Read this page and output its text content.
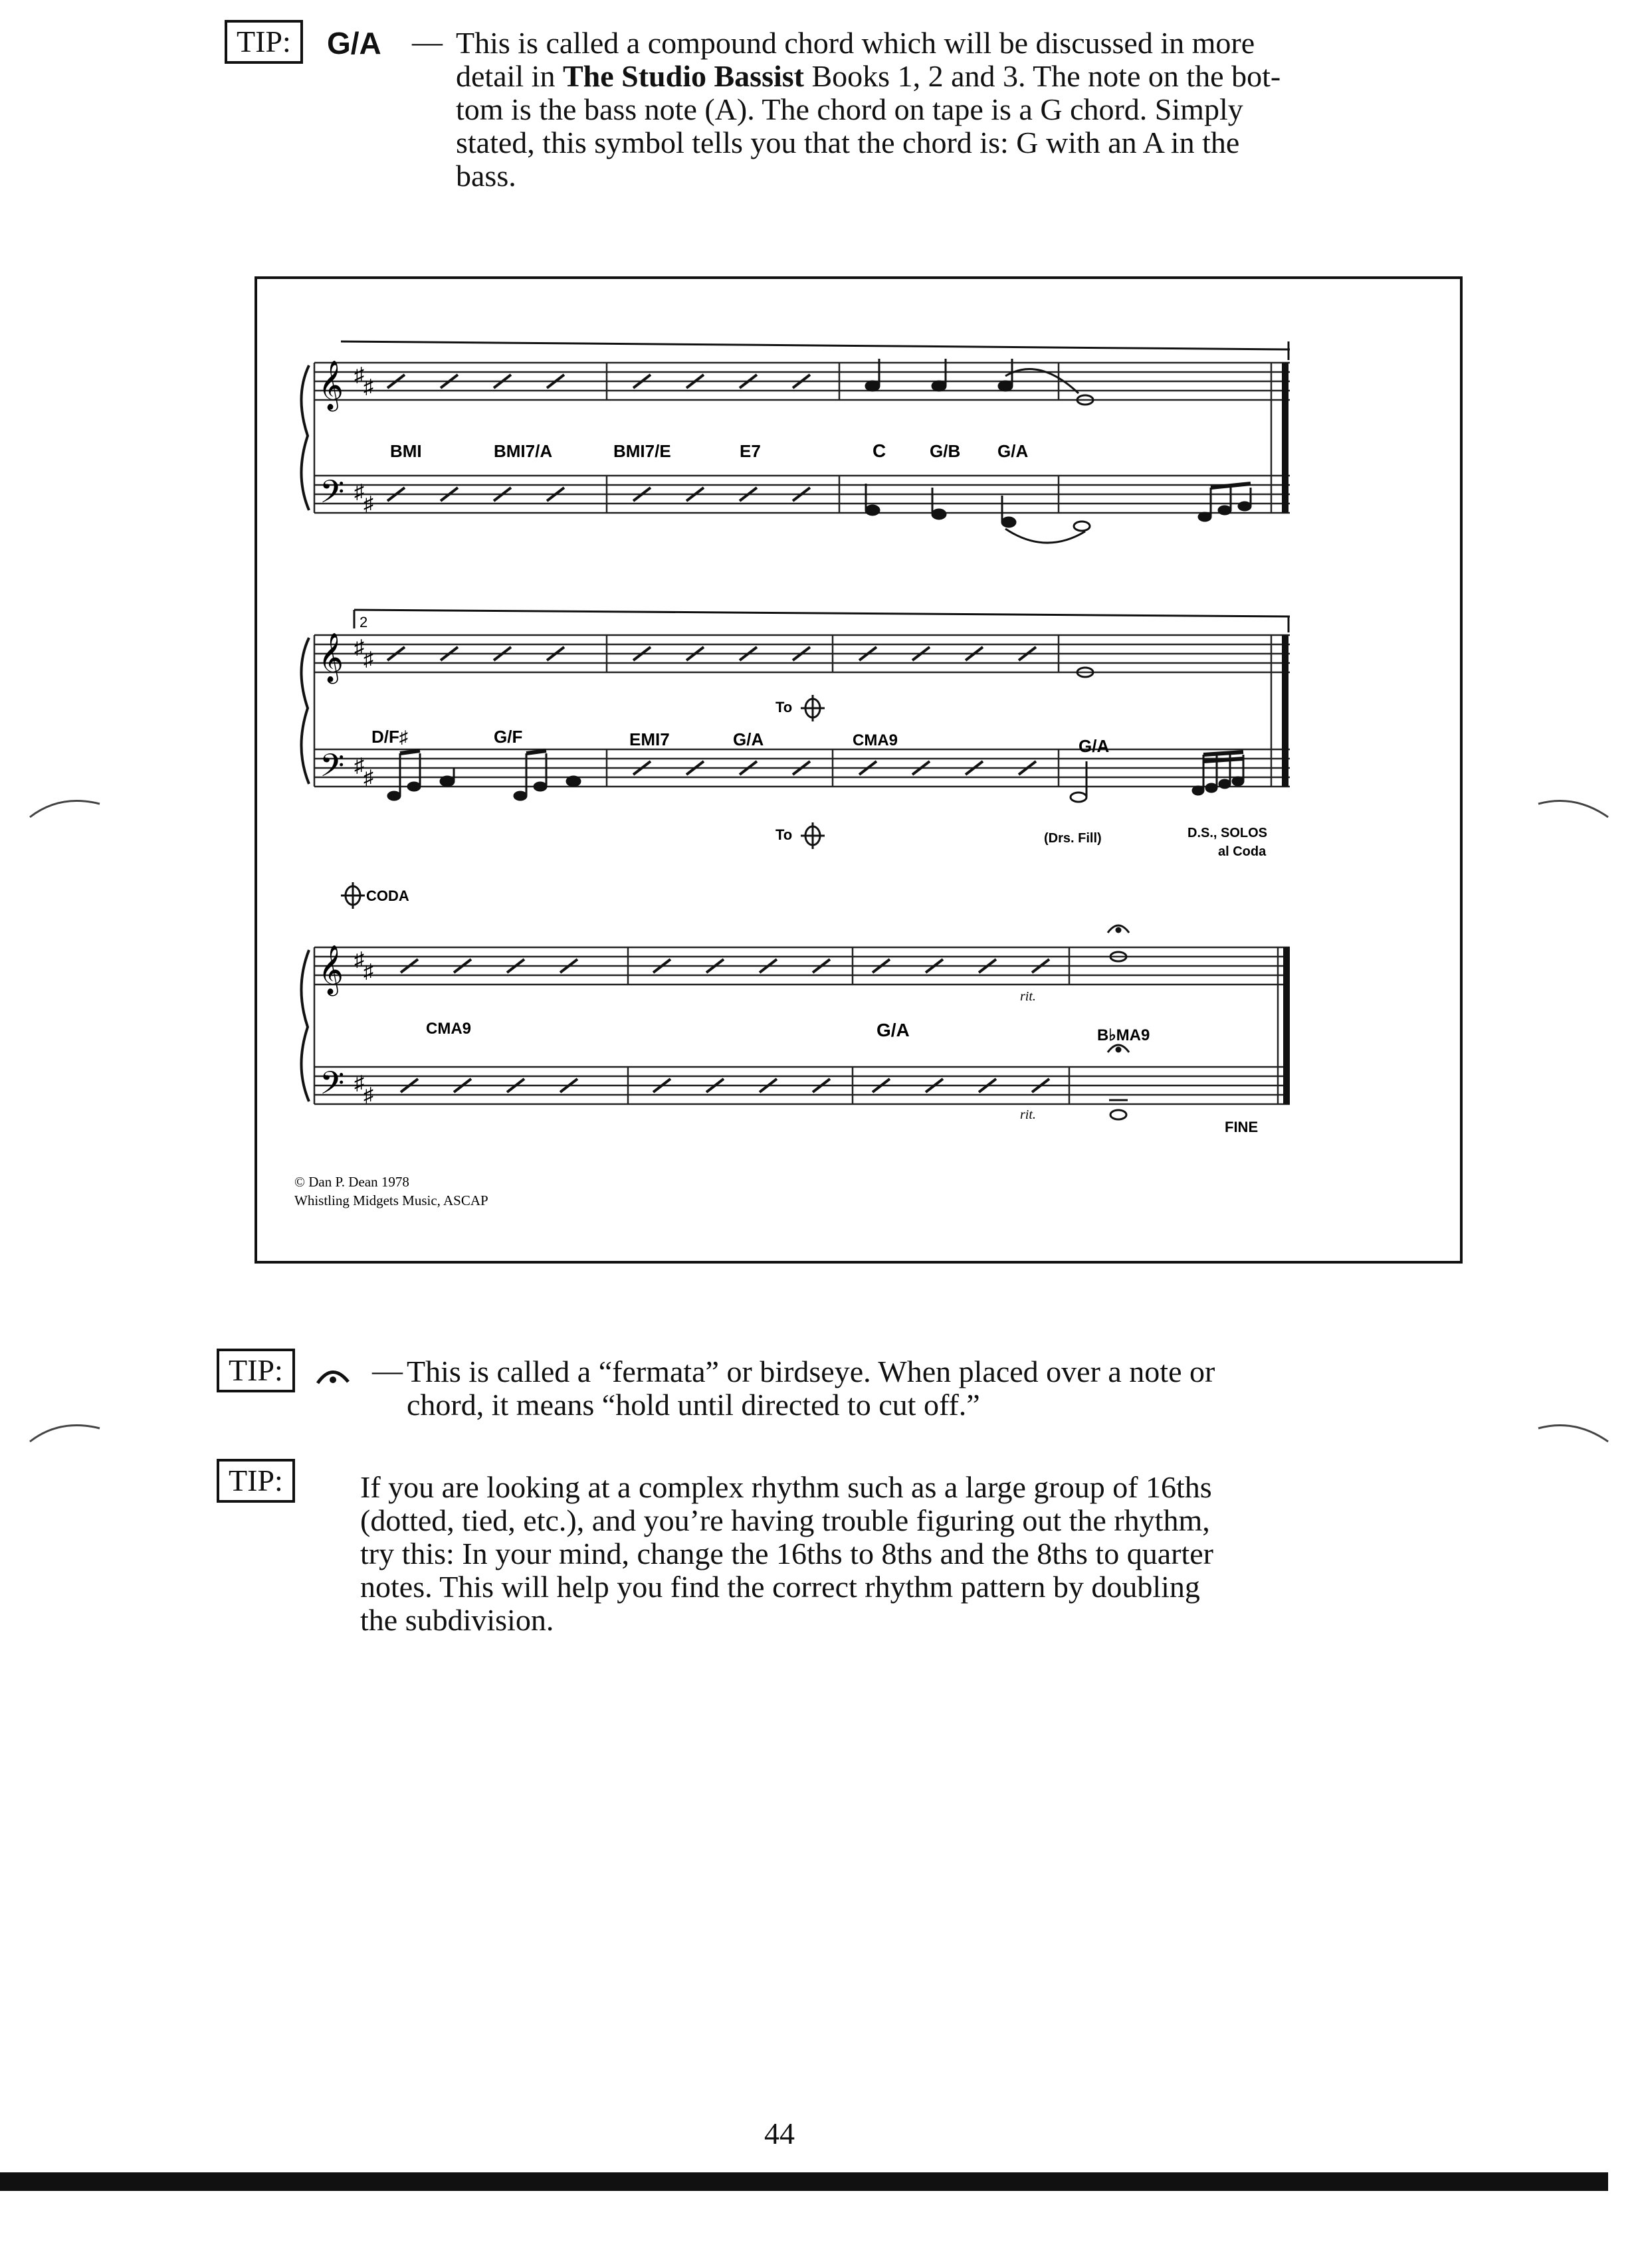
TIP:	G/A — This is called a compound chord which will be discussed in more
detail in The Studio Bassist Books 1, 2 and 3. The note on the bot-
tom is the bass note (A). The chord on tape is a G chord. Simply
stated, this symbol tells you that the chord is: G with an A in the
bass.
𝄞
𝄢
♯
♯
♯
♯
BMI	BMI7/A	BMI7/E	E7	C	G/B G/A
2
𝄞
𝄢
♯
♯
♯
♯
D/F♯	G/F	EMI7	G/A	CMA9	G/A
To
To	(Drs. Fill)	D.S., SOLOS
al Coda
CODA
𝄞
𝄢
♯
♯
♯
♯
CMA9	G/A	B♭MA9
rit.
rit.
FINE
© Dan P. Dean 1978
Whistling Midgets Music, ASCAP
TIP:	— This is called a “fermata” or birdseye. When placed over a note or
chord, it means “hold until directed to cut off.”
TIP:	If you are looking at a complex rhythm such as a large group of 16ths
(dotted, tied, etc.), and you’re having trouble figuring out the rhythm,
try this: In your mind, change the 16ths to 8ths and the 8ths to quarter
notes. This will help you find the correct rhythm pattern by doubling
the subdivision.
44
